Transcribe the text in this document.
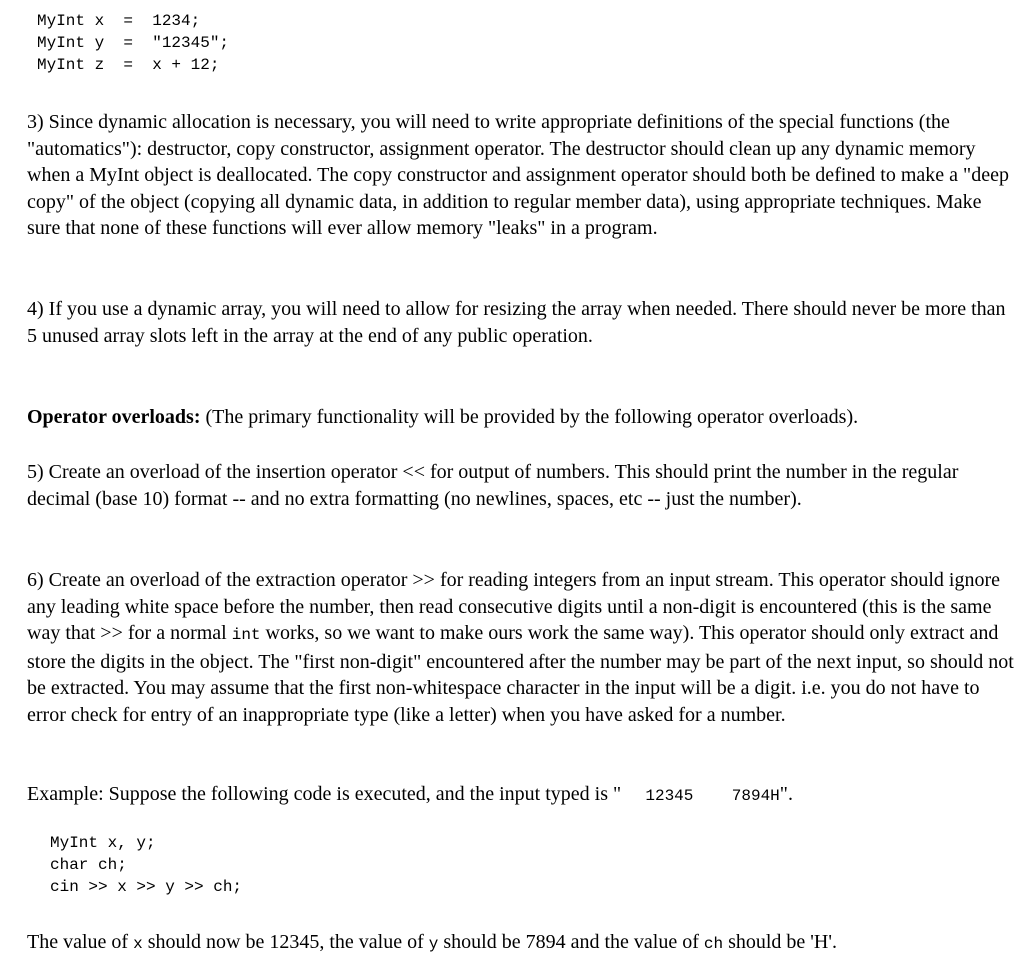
MyInt x  =  1234;
MyInt y  =  "12345";
MyInt z  =  x + 12;

3) Since dynamic allocation is necessary, you will need to write appropriate definitions of the special functions (the "automatics"): destructor, copy constructor, assignment operator. The destructor should clean up any dynamic memory when a MyInt object is deallocated. The copy constructor and assignment operator should both be defined to make a "deep copy" of the object (copying all dynamic data, in addition to regular member data), using appropriate techniques. Make sure that none of these functions will ever allow memory "leaks" in a program.

4) If you use a dynamic array, you will need to allow for resizing the array when needed. There should never be more than 5 unused array slots left in the array at the end of any public operation.

Operator overloads: (The primary functionality will be provided by the following operator overloads).

5) Create an overload of the insertion operator << for output of numbers. This should print the number in the regular decimal (base 10) format -- and no extra formatting (no newlines, spaces, etc -- just the number).

6) Create an overload of the extraction operator >> for reading integers from an input stream. This operator should ignore any leading white space before the number, then read consecutive digits until a non-digit is encountered (this is the same way that >> for a normal int works, so we want to make ours work the same way). This operator should only extract and store the digits in the object. The "first non-digit" encountered after the number may be part of the next input, so should not be extracted. You may assume that the first non-whitespace character in the input will be a digit. i.e. you do not have to error check for entry of an inappropriate type (like a letter) when you have asked for a number.

Example: Suppose the following code is executed, and the input typed is "   12345    7894H".

MyInt x, y;
char ch;
cin >> x >> y >> ch;

The value of x should now be 12345, the value of y should be 7894 and the value of ch should be 'H'.
